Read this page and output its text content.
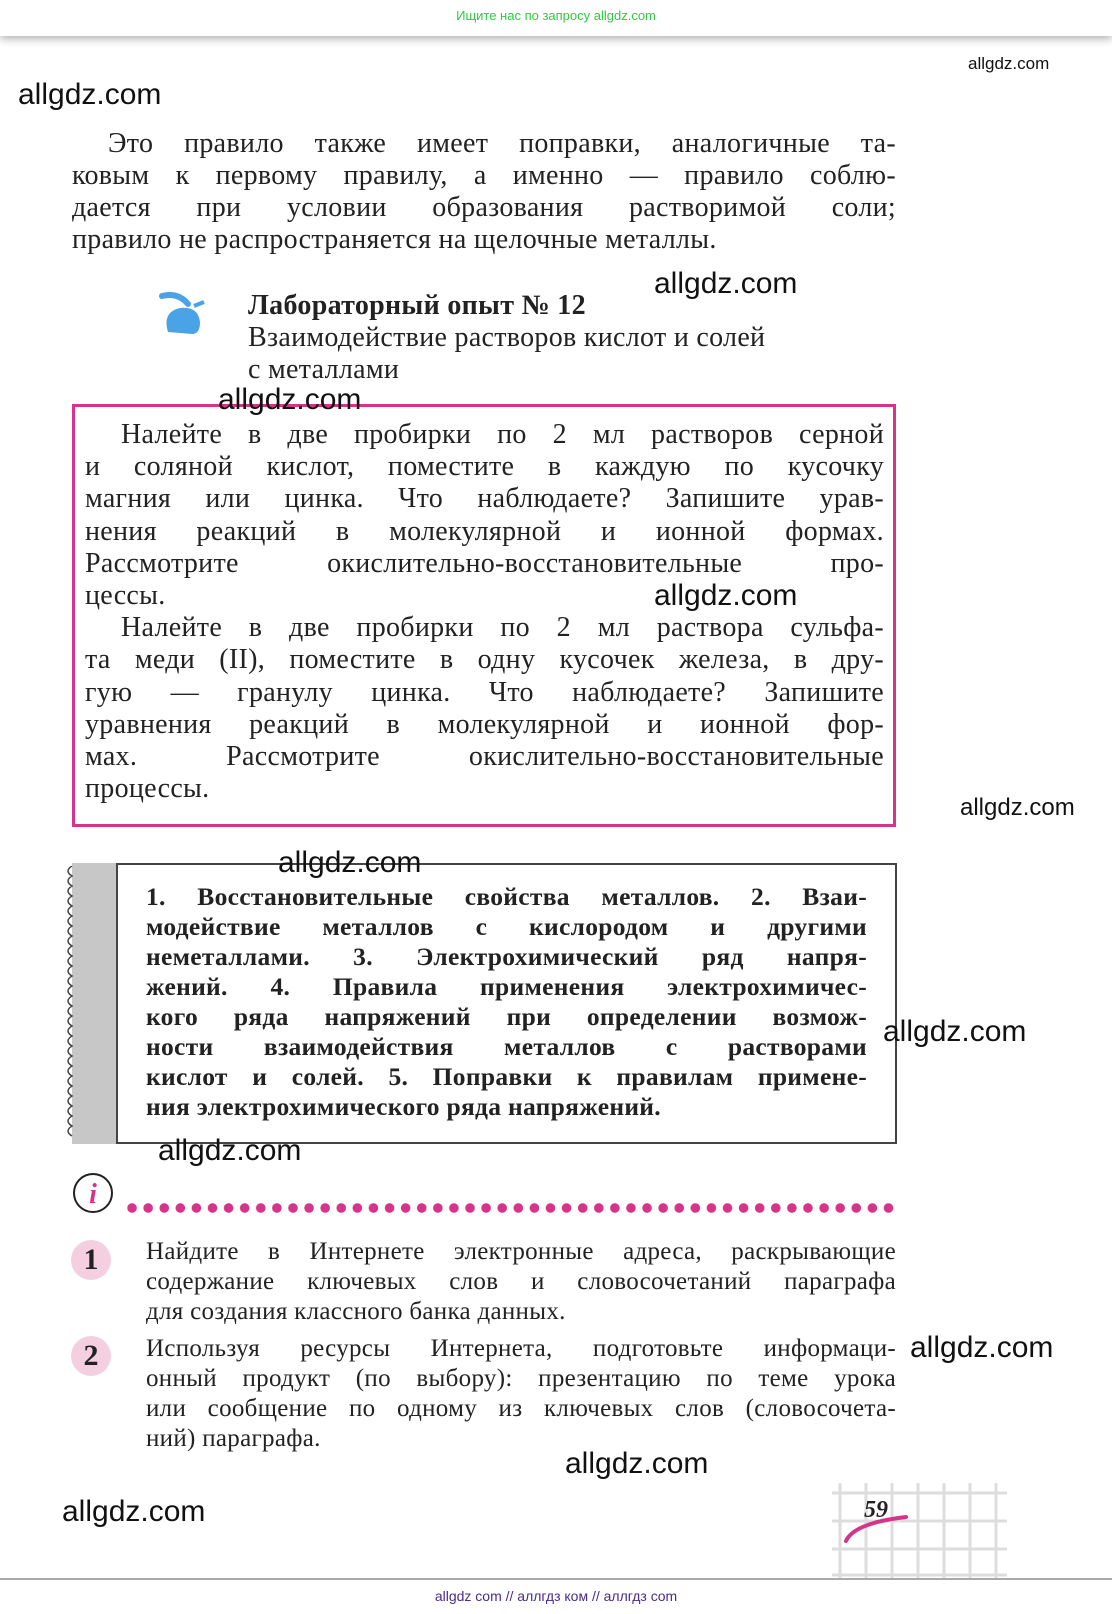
Ищите нас по запросу allgdz.com
Это правило также имеет поправки, аналогичные та-
ковым к первому правилу, а именно — правило соблю-
дается при условии образования растворимой соли;
правило не распространяется на щелочные металлы.
Лабораторный опыт № 12
Взаимодействие растворов кислот и солей
с металлами
Налейте в две пробирки по 2 мл растворов серной
и соляной кислот, поместите в каждую по кусочку
магния или цинка. Что наблюдаете? Запишите урав-
нения реакций в молекулярной и ионной формах.
Рассмотрите окислительно-восстановительные про-
цессы.
Налейте в две пробирки по 2 мл раствора сульфа-
та меди (II), поместите в одну кусочек железа, в дру-
гую — гранулу цинка. Что наблюдаете? Запишите
уравнения реакций в молекулярной и ионной фор-
мах. Рассмотрите окислительно-восстановительные
процессы.
1. Восстановительные свойства металлов. 2. Взаи-
модействие металлов с кислородом и другими
неметаллами. 3. Электрохимический ряд напря-
жений. 4. Правила применения электрохимичес-
кого ряда напряжений при определении возмож-
ности взаимодействия металлов с растворами
кислот и солей. 5. Поправки к правилам примене-
ния электрохимического ряда напряжений.
i
1
2
Найдите в Интернете электронные адреса, раскрывающие
содержание ключевых слов и словосочетаний параграфа
для создания классного банка данных.
Используя ресурсы Интернета, подготовьте информаци-
онный продукт (по выбору): презентацию по теме урока
или сообщение по одному из ключевых слов (словосочета-
ний) параграфа.
59
allgdz com // аллгдз ком // аллгдз com
allgdz.com
allgdz.com
allgdz.com
allgdz.com
allgdz.com
allgdz.com
allgdz.com
allgdz.com
allgdz.com
allgdz.com
allgdz.com
allgdz.com
